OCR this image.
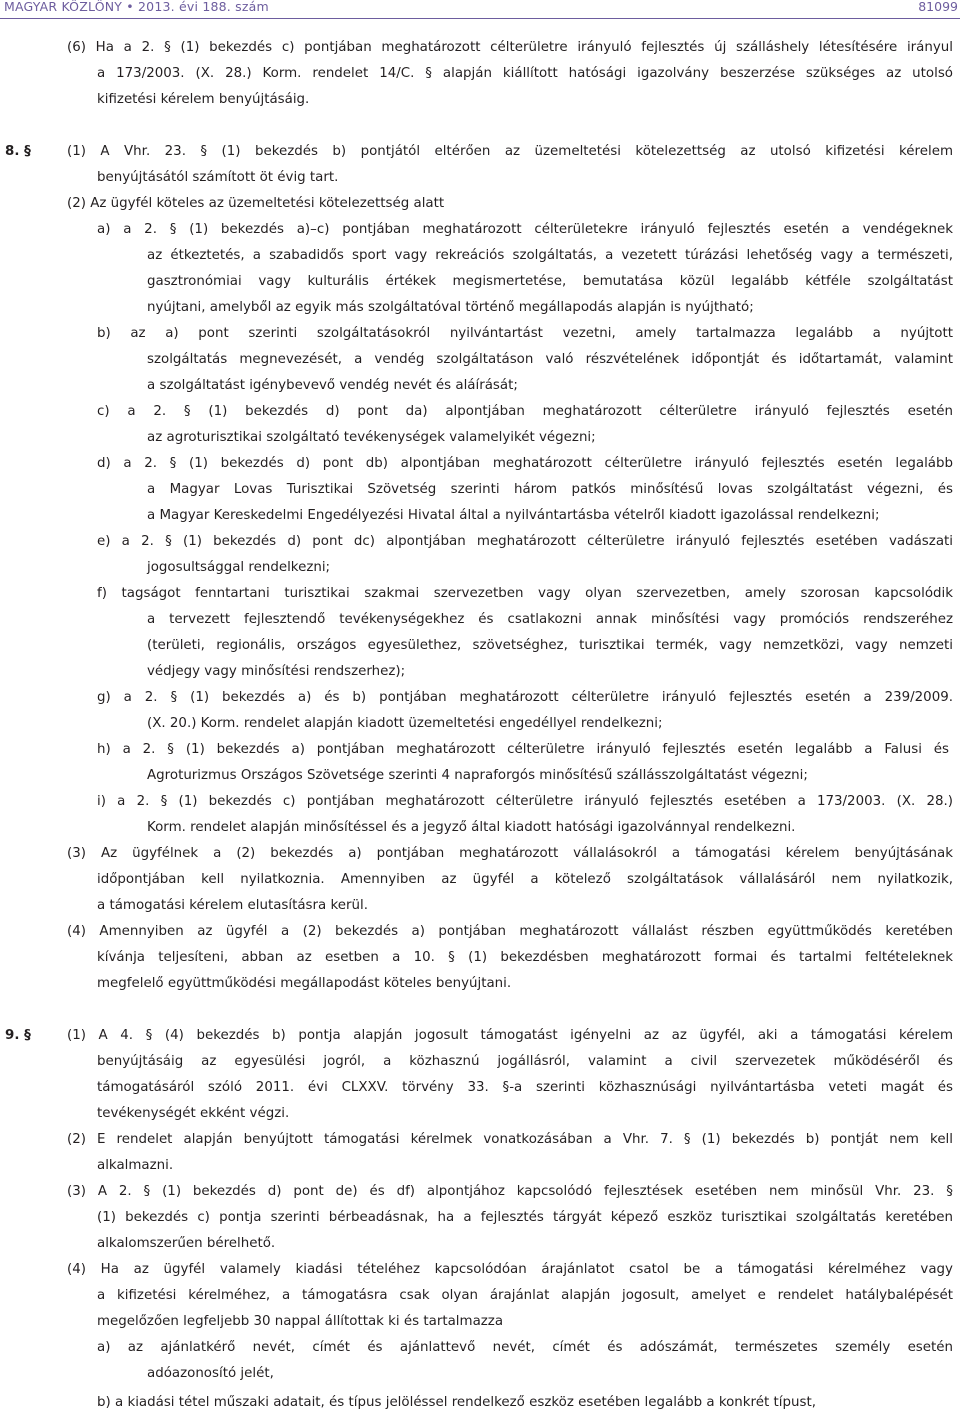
MAGYAR KÖZLÖNY • 2013. évi 188. szám	81099
(6) Ha a 2. § (1) bekezdés c) pontjában meghatározott célterületre irányuló fejlesztés új szálláshely létesítésére irányul
a 173/2003. (X. 28.) Korm. rendelet 14/C. § alapján kiállított hatósági igazolvány beszerzése szükséges az utolsó
kifizetési kérelem benyújtásáig.
8. §	(1) A Vhr. 23. § (1) bekezdés b) pontjától eltérően az üzemeltetési kötelezettség az utolsó kifizetési kérelem
benyújtásától számított öt évig tart.
(2) Az ügyfél köteles az üzemeltetési kötelezettség alatt
a) a 2. § (1) bekezdés a)–c) pontjában meghatározott célterületekre irányuló fejlesztés esetén a vendégeknek
az étkeztetés, a szabadidős sport vagy rekreációs szolgáltatás, a vezetett túrázási lehetőség vagy a természeti,
gasztronómiai vagy kulturális értékek megismertetése, bemutatása közül legalább kétféle szolgáltatást
nyújtani, amelyből az egyik más szolgáltatóval történő megállapodás alapján is nyújtható;
b) az a) pont szerinti szolgáltatásokról nyilvántartást vezetni, amely tartalmazza legalább a nyújtott
szolgáltatás megnevezését, a vendég szolgáltatáson való részvételének időpontját és időtartamát, valamint
a szolgáltatást igénybevevő vendég nevét és aláírását;
c) a 2. § (1) bekezdés d) pont da) alpontjában meghatározott célterületre irányuló fejlesztés esetén
az agroturisztikai szolgáltató tevékenységek valamelyikét végezni;
d) a 2. § (1) bekezdés d) pont db) alpontjában meghatározott célterületre irányuló fejlesztés esetén legalább
a Magyar Lovas Turisztikai Szövetség szerinti három patkós minősítésű lovas szolgáltatást végezni, és
a Magyar Kereskedelmi Engedélyezési Hivatal által a nyilvántartásba vételről kiadott igazolással rendelkezni;
e) a 2. § (1) bekezdés d) pont dc) alpontjában meghatározott célterületre irányuló fejlesztés esetében vadászati
jogosultsággal rendelkezni;
f) tagságot fenntartani turisztikai szakmai szervezetben vagy olyan szervezetben, amely szorosan kapcsolódik
a tervezett fejlesztendő tevékenységekhez és csatlakozni annak minősítési vagy promóciós rendszeréhez
(területi, regionális, országos egyesülethez, szövetséghez, turisztikai termék, vagy nemzetközi, vagy nemzeti
védjegy vagy minősítési rendszerhez);
g) a 2. § (1) bekezdés a) és b) pontjában meghatározott célterületre irányuló fejlesztés esetén a 239/2009.
(X. 20.) Korm. rendelet alapján kiadott üzemeltetési engedéllyel rendelkezni;
h) a 2. § (1) bekezdés a) pontjában meghatározott célterületre irányuló fejlesztés esetén legalább a Falusi és
Agroturizmus Országos Szövetsége szerinti 4 napraforgós minősítésű szállásszolgáltatást végezni;
i) a 2. § (1) bekezdés c) pontjában meghatározott célterületre irányuló fejlesztés esetében a 173/2003. (X. 28.)
Korm. rendelet alapján minősítéssel és a jegyző által kiadott hatósági igazolvánnyal rendelkezni.
(3) Az ügyfélnek a (2) bekezdés a) pontjában meghatározott vállalásokról a támogatási kérelem benyújtásának
időpontjában kell nyilatkoznia. Amennyiben az ügyfél a kötelező szolgáltatások vállalásáról nem nyilatkozik,
a támogatási kérelem elutasításra kerül.
(4) Amennyiben az ügyfél a (2) bekezdés a) pontjában meghatározott vállalást részben együttműködés keretében
kívánja teljesíteni, abban az esetben a 10. § (1) bekezdésben meghatározott formai és tartalmi feltételeknek
megfelelő együttműködési megállapodást köteles benyújtani.
9. §	(1) A 4. § (4) bekezdés b) pontja alapján jogosult támogatást igényelni az az ügyfél, aki a támogatási kérelem
benyújtásáig az egyesülési jogról, a közhasznú jogállásról, valamint a civil szervezetek működéséről és
támogatásáról szóló 2011. évi CLXXV. törvény 33. §-a szerinti közhasznúsági nyilvántartásba veteti magát és
tevékenységét ekként végzi.
(2) E rendelet alapján benyújtott támogatási kérelmek vonatkozásában a Vhr. 7. § (1) bekezdés b) pontját nem kell
alkalmazni.
(3) A 2. § (1) bekezdés d) pont de) és df) alpontjához kapcsolódó fejlesztések esetében nem minősül Vhr. 23. §
(1) bekezdés c) pontja szerinti bérbeadásnak, ha a fejlesztés tárgyát képező eszköz turisztikai szolgáltatás keretében
alkalomszerűen bérelhető.
(4) Ha az ügyfél valamely kiadási tételéhez kapcsolódóan árajánlatot csatol be a támogatási kérelméhez vagy
a kifizetési kérelméhez, a támogatásra csak olyan árajánlat alapján jogosult, amelyet e rendelet hatálybalépését
megelőzően legfeljebb 30 nappal állítottak ki és tartalmazza
a) az ajánlatkérő nevét, címét és ajánlattevő nevét, címét és adószámát, természetes személy esetén
adóazonosító jelét,
b) a kiadási tétel műszaki adatait, és típus jelöléssel rendelkező eszköz esetében legalább a konkrét típust,
